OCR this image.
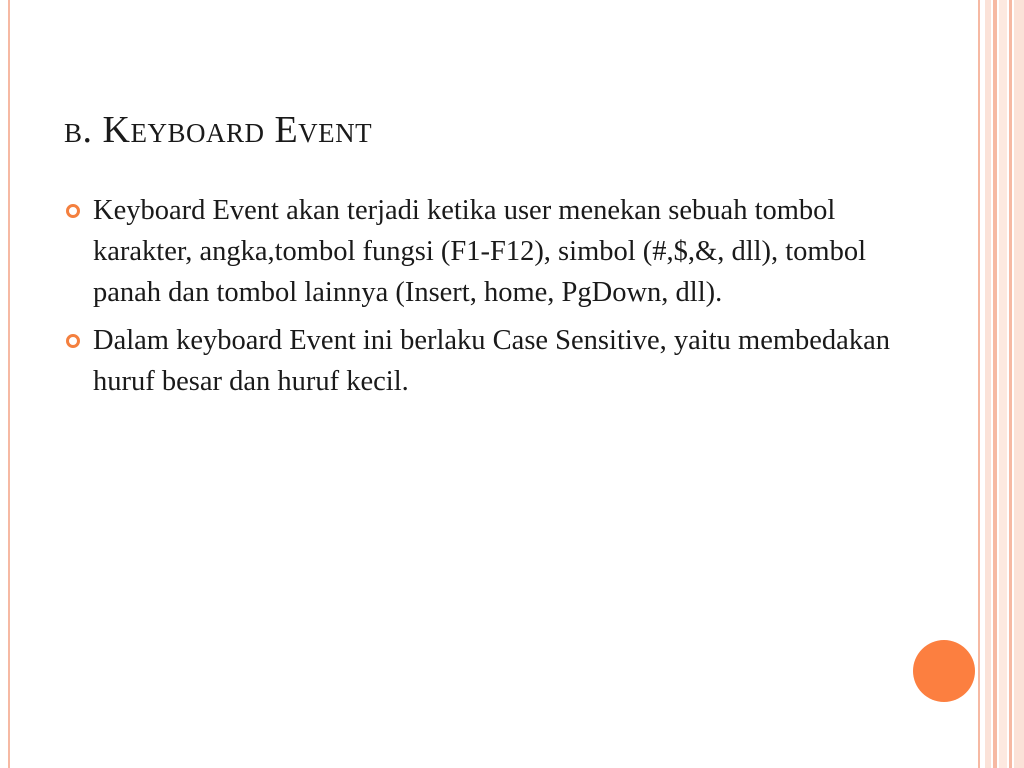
b. Keyboard Event
Keyboard Event akan terjadi ketika user menekan sebuah tombol karakter, angka,tombol fungsi (F1-F12), simbol (#,$,&, dll), tombol panah dan tombol lainnya (Insert, home, PgDown, dll).
Dalam keyboard Event ini berlaku Case Sensitive, yaitu membedakan huruf besar dan huruf kecil.
